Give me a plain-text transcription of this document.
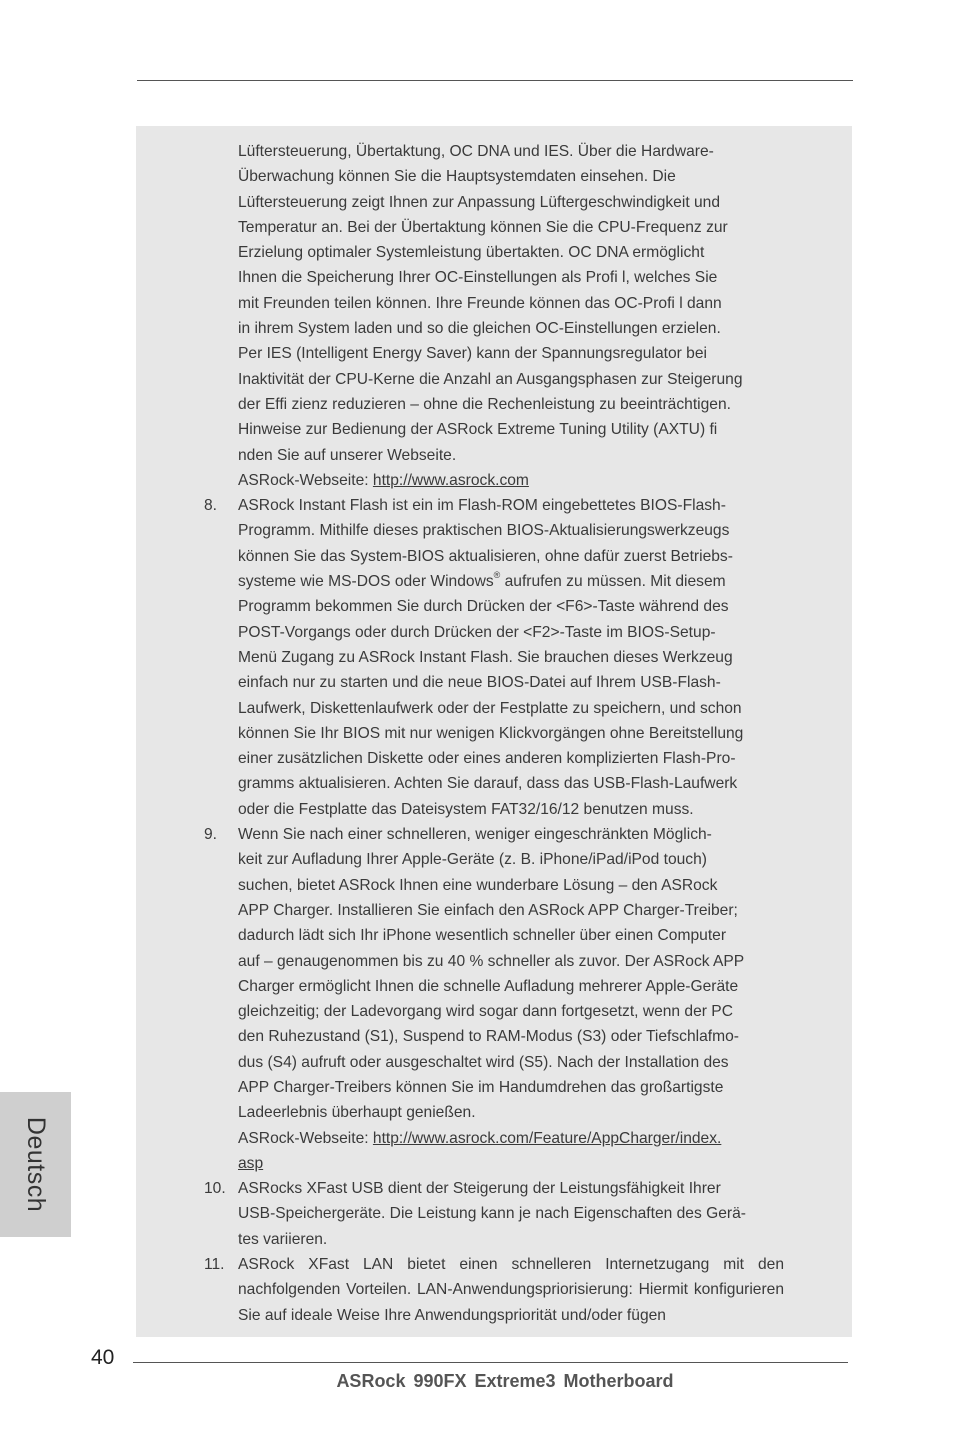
Lüftersteuerung, Übertaktung, OC DNA und IES. Über die Hardware-

Überwachung können Sie die Hauptsystemdaten einsehen. Die

Lüftersteuerung zeigt Ihnen zur Anpassung Lüftergeschwindigkeit und

Temperatur an. Bei der Übertaktung können Sie die CPU-Frequenz zur

Erzielung optimaler Systemleistung übertakten. OC DNA ermöglicht

Ihnen die Speicherung Ihrer OC-Einstellungen als Profi l, welches Sie

mit Freunden teilen können. Ihre Freunde können das OC-Profi l dann

in ihrem System laden und so die gleichen OC-Einstellungen erzielen.

Per IES (Intelligent Energy Saver) kann der Spannungsregulator bei

Inaktivität der CPU-Kerne die Anzahl an Ausgangsphasen zur Steigerung

der Effi zienz reduzieren – ohne die Rechenleistung zu beeinträchtigen.

Hinweise zur Bedienung der ASRock Extreme Tuning Utility (AXTU) fi

nden Sie auf unserer Webseite.

ASRock-Webseite: http://www.asrock.com

8. ASRock Instant Flash ist ein im Flash-ROM eingebettetes BIOS-Flash-

Programm. Mithilfe dieses praktischen BIOS-Aktualisierungswerkzeugs

können Sie das System-BIOS aktualisieren, ohne dafür zuerst Betriebs-

systeme wie MS-DOS oder Windows® aufrufen zu müssen. Mit diesem

Programm bekommen Sie durch Drücken der <F6>-Taste während des

POST-Vorgangs oder durch Drücken der <F2>-Taste im BIOS-Setup-

Menü Zugang zu ASRock Instant Flash. Sie brauchen dieses Werkzeug

einfach nur zu starten und die neue BIOS-Datei auf Ihrem USB-Flash-

Laufwerk, Diskettenlaufwerk oder der Festplatte zu speichern, und schon

können Sie Ihr BIOS mit nur wenigen Klickvorgängen ohne Bereitstellung

einer zusätzlichen Diskette oder eines anderen komplizierten Flash-Pro-

gramms aktualisieren. Achten Sie darauf, dass das USB-Flash-Laufwerk

oder die Festplatte das Dateisystem FAT32/16/12 benutzen muss.

9. Wenn Sie nach einer schnelleren, weniger eingeschränkten Möglich-

keit zur Aufladung Ihrer Apple-Geräte (z. B. iPhone/iPad/iPod touch)

suchen, bietet ASRock Ihnen eine wunderbare Lösung – den ASRock

APP Charger. Installieren Sie einfach den ASRock APP Charger-Treiber;

dadurch lädt sich Ihr iPhone wesentlich schneller über einen Computer

auf – genaugenommen bis zu 40 % schneller als zuvor. Der ASRock APP

Charger ermöglicht Ihnen die schnelle Aufladung mehrerer Apple-Geräte

gleichzeitig; der Ladevorgang wird sogar dann fortgesetzt, wenn der PC

den Ruhezustand (S1), Suspend to RAM-Modus (S3) oder Tiefschlafmo-

dus (S4) aufruft oder ausgeschaltet wird (S5). Nach der Installation des

APP Charger-Treibers können Sie im Handumdrehen das großartigste

Ladeerlebnis überhaupt genießen.

ASRock-Webseite: http://www.asrock.com/Feature/AppCharger/index.

asp

10. ASRocks XFast USB dient der Steigerung der Leistungsfähigkeit Ihrer

USB-Speichergeräte. Die Leistung kann je nach Eigenschaften des Gerä-

tes variieren.

11. ASRock XFast LAN bietet einen schnelleren Internetzugang mit den nachfolgenden Vorteilen. LAN-Anwendungspriorisierung: Hiermit konfigurieren Sie auf ideale Weise Ihre Anwendungspriorität und/oder fügen

Deutsch
40
ASRock 990FX Extreme3 Motherboard
